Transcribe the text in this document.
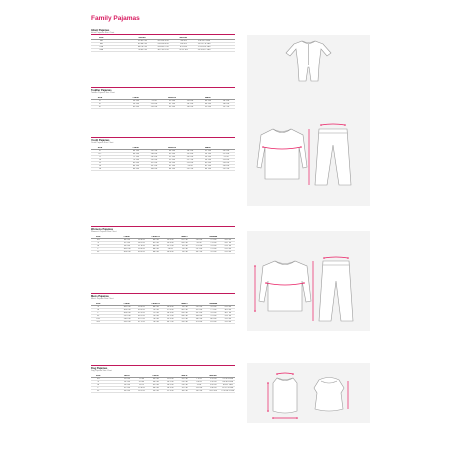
Family Pajamas
Infant Pajamas
Infant Pajamas Size Chart
SIZE		HEIGHT		WEIGHT		
3M		52-62 CM	20.5-24.4 IN	3-6 KG	6.6-13.2 LBS	
6M		62-68 CM	24.4-26.8 IN	6-8 KG	13.2-17.6 LBS	
12M		68-78 CM	26.8-30.7 IN	8-11 KG	17.6-24.3 LBS	
18M		78-85 CM	30.7-33.5 IN	11-13 KG	24.3-28.7 LBS	
Toddler Pajamas
Toddler Pajama Size Chart
SIZE		CHEST		LENGTH		WAIST	
2T		56 CM	22 IN	39 CM	15.4 IN	46 CM	18.1 IN
3T		58 CM	22.8 IN	41 CM	16.1 IN	48 CM	18.9 IN
4T		60 CM	23.6 IN	43 CM	16.9 IN	50 CM	19.7 IN
Youth Pajamas
Youth Pajama Size Chart
SIZE		CHEST		LENGTH		WAIST	
5T		64 CM	25.2 IN	46 CM	18.1 IN	52 CM	20.5 IN
6-7		68 CM	26.8 IN	49 CM	19.3 IN	54 CM	21.3 IN
8		72 CM	28.3 IN	52 CM	20.5 IN	56 CM	22 IN
10		76 CM	29.9 IN	55 CM	21.7 IN	58 CM	22.8 IN
12		80 CM	31.5 IN	58 CM	22.8 IN	60 CM	23.6 IN
14		84 CM	33.1 IN	61 CM	24 IN	62 CM	24.4 IN
16		88 CM	34.6 IN	64 CM	25.2 IN	64 CM	25.2 IN
Womens Pajamas
Women's Pajama Size Chart
SIZE		CHEST		LENGTH		WAIST		INSEAM	
XS		88 CM	34.6 IN	60 CM	23.6 IN	62 CM	24.4 IN	72 CM	28.3 IN
S		92 CM	36.2 IN	62 CM	24.4 IN	66 CM	26 IN	73 CM	28.7 IN
M		96 CM	37.8 IN	64 CM	25.2 IN	70 CM	27.6 IN	74 CM	29.1 IN
L		100 CM	39.4 IN	66 CM	26 IN	74 CM	29.1 IN	75 CM	29.5 IN
XL		104 CM	40.9 IN	68 CM	26.8 IN	78 CM	30.7 IN	76 CM	29.9 IN
Mens Pajamas
Men's Pajama Size Chart
SIZE		CHEST		LENGTH		WAIST		INSEAM	
S		100 CM	39.4 IN	68 CM	26.8 IN	76 CM	29.9 IN	76 CM	29.9 IN
M		104 CM	40.9 IN	70 CM	27.6 IN	80 CM	31.5 IN	77 CM	30.3 IN
L		108 CM	42.5 IN	72 CM	28.3 IN	84 CM	33.1 IN	78 CM	30.7 IN
XL		112 CM	44.1 IN	74 CM	29.1 IN	88 CM	34.6 IN	79 CM	31.1 IN
XXL		116 CM	45.7 IN	76 CM	29.9 IN	92 CM	36.2 IN	80 CM	31.5 IN
3XL		120 CM	47.2 IN	78 CM	30.7 IN	96 CM	37.8 IN	81 CM	31.9 IN
Dog Pajamas
Dog Pajama Size Chart
SIZE		NECK		CHEST		BACK		WEIGHT	
XS		20 CM	7.9 IN	30 CM	11.8 IN	20 CM	7.9 IN	1-2 KG	2.2-4.4 LBS
S		24 CM	9.4 IN	36 CM	14.2 IN	24 CM	9.4 IN	2-3 KG	4.4-6.6 LBS
M		28 CM	11 IN	42 CM	16.5 IN	28 CM	11 IN	3-5 KG	6.6-11 LBS
L		32 CM	12.6 IN	48 CM	18.9 IN	32 CM	12.6 IN	5-8 KG	11-17.6 LBS
XL		36 CM	14.2 IN	54 CM	21.3 IN	36 CM	14.2 IN	8-12 KG	17.6-26.5 LBS
